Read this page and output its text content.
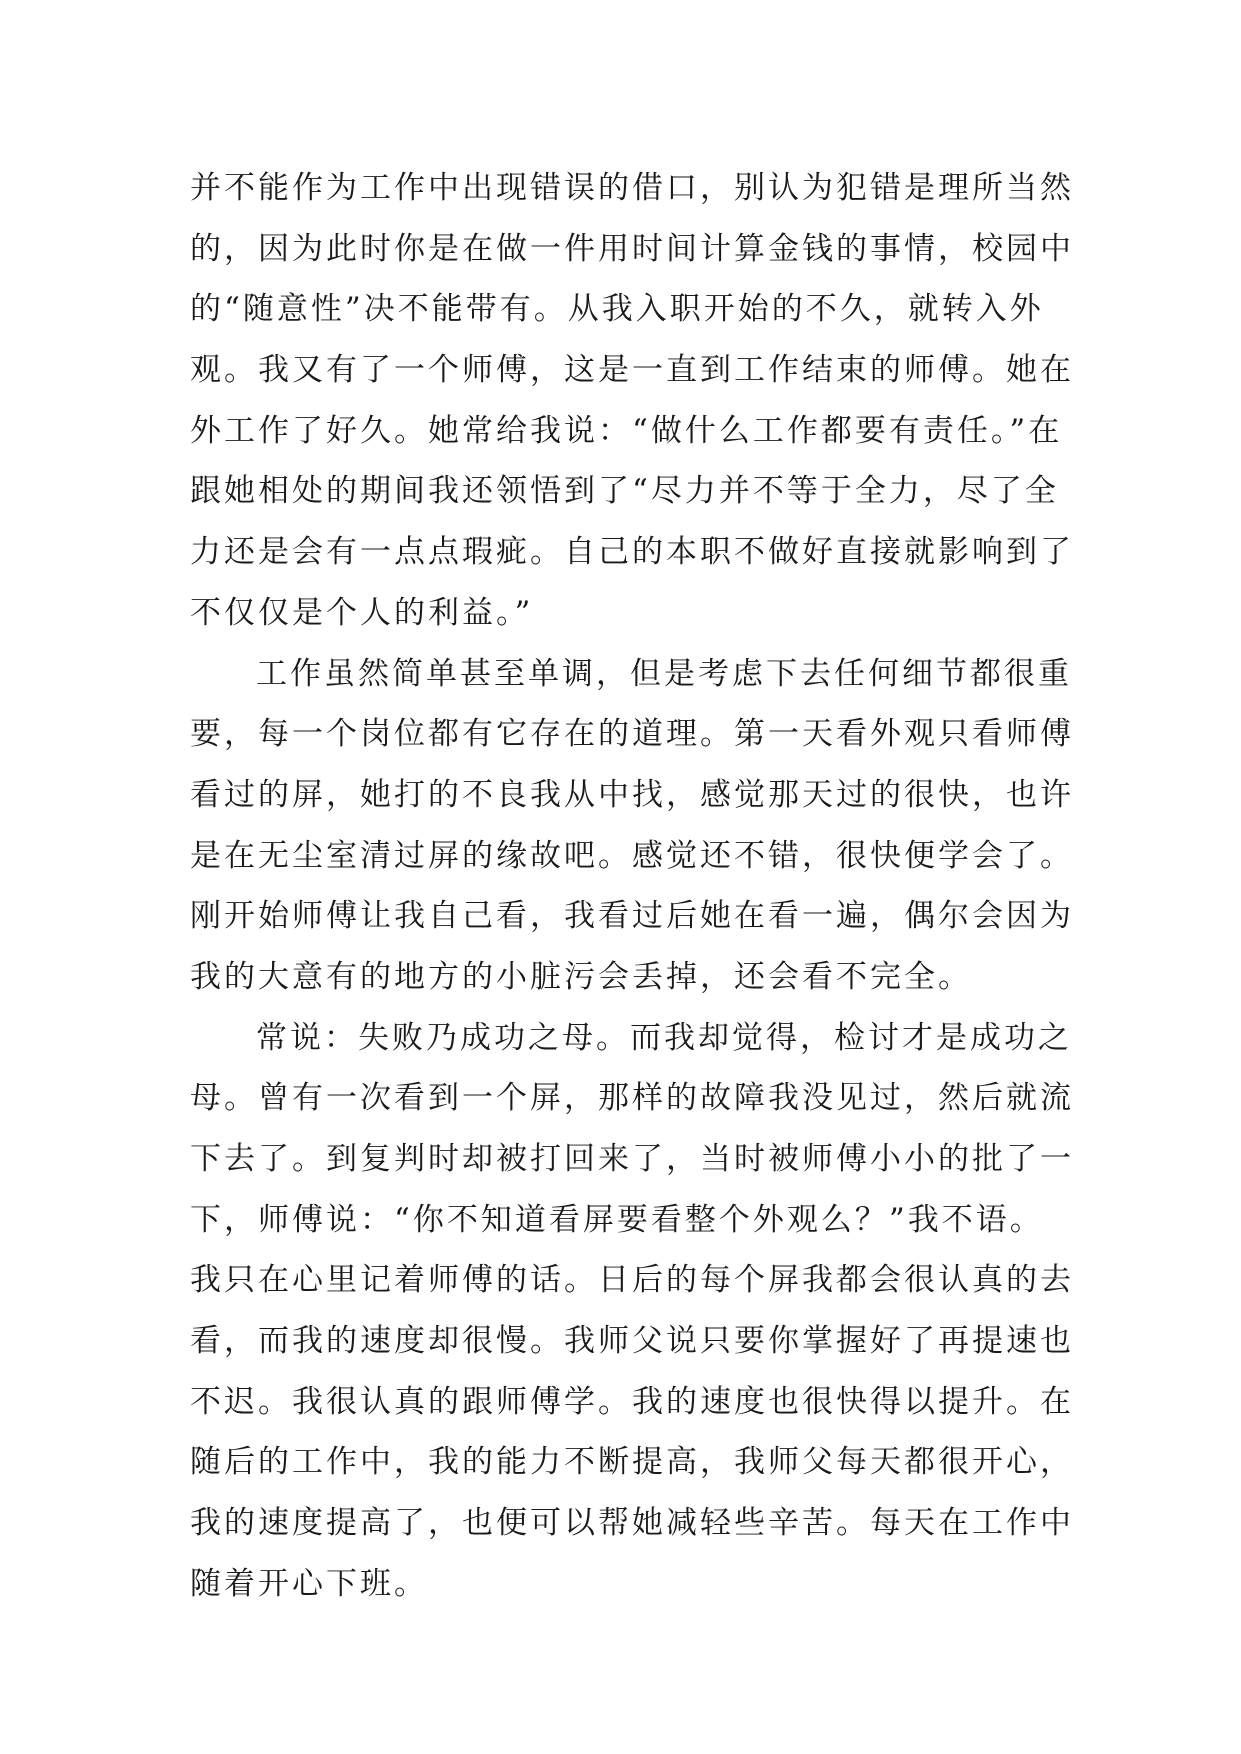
并不能作为工作中出现错误的借口，别认为犯错是理所当然
的，因为此时你是在做一件用时间计算金钱的事情，校园中
的“随意性”决不能带有。从我入职开始的不久，就转入外
观。我又有了一个师傅，这是一直到工作结束的师傅。她在
外工作了好久。她常给我说：“做什么工作都要有责任。”在
跟她相处的期间我还领悟到了“尽力并不等于全力，尽了全
力还是会有一点点瑕疵。自己的本职不做好直接就影响到了
不仅仅是个人的利益。”
工作虽然简单甚至单调，但是考虑下去任何细节都很重
要，每一个岗位都有它存在的道理。第一天看外观只看师傅
看过的屏，她打的不良我从中找，感觉那天过的很快，也许
是在无尘室清过屏的缘故吧。感觉还不错，很快便学会了。
刚开始师傅让我自己看，我看过后她在看一遍，偶尔会因为
我的大意有的地方的小脏污会丢掉，还会看不完全。
常说：失败乃成功之母。而我却觉得，检讨才是成功之
母。曾有一次看到一个屏，那样的故障我没见过，然后就流
下去了。到复判时却被打回来了，当时被师傅小小的批了一
下，师傅说：“你不知道看屏要看整个外观么？”我不语。
我只在心里记着师傅的话。日后的每个屏我都会很认真的去
看，而我的速度却很慢。我师父说只要你掌握好了再提速也
不迟。我很认真的跟师傅学。我的速度也很快得以提升。在
随后的工作中，我的能力不断提高，我师父每天都很开心，
我的速度提高了，也便可以帮她减轻些辛苦。每天在工作中
随着开心下班。
